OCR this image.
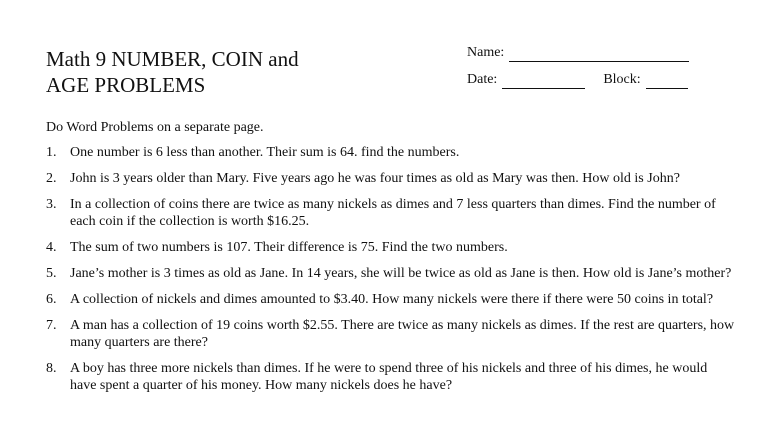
Math 9 NUMBER, COIN and
AGE PROBLEMS
Name:
Date:	Block:
Do Word Problems on a separate page.
1. One number is 6 less than another. Their sum is 64. find the numbers.
2. John is 3 years older than Mary. Five years ago he was four times as old as Mary was then. How old is John?
3. In a collection of coins there are twice as many nickels as dimes and 7 less quarters than dimes. Find the number of each coin if the collection is worth $16.25.
4. The sum of two numbers is 107. Their difference is 75. Find the two numbers.
5. Jane’s mother is 3 times as old as Jane. In 14 years, she will be twice as old as Jane is then. How old is Jane’s mother?
6. A collection of nickels and dimes amounted to $3.40. How many nickels were there if there were 50 coins in total?
7. A man has a collection of 19 coins worth $2.55. There are twice as many nickels as dimes. If the rest are quarters, how many quarters are there?
8. A boy has three more nickels than dimes. If he were to spend three of his nickels and three of his dimes, he would have spent a quarter of his money. How many nickels does he have?
